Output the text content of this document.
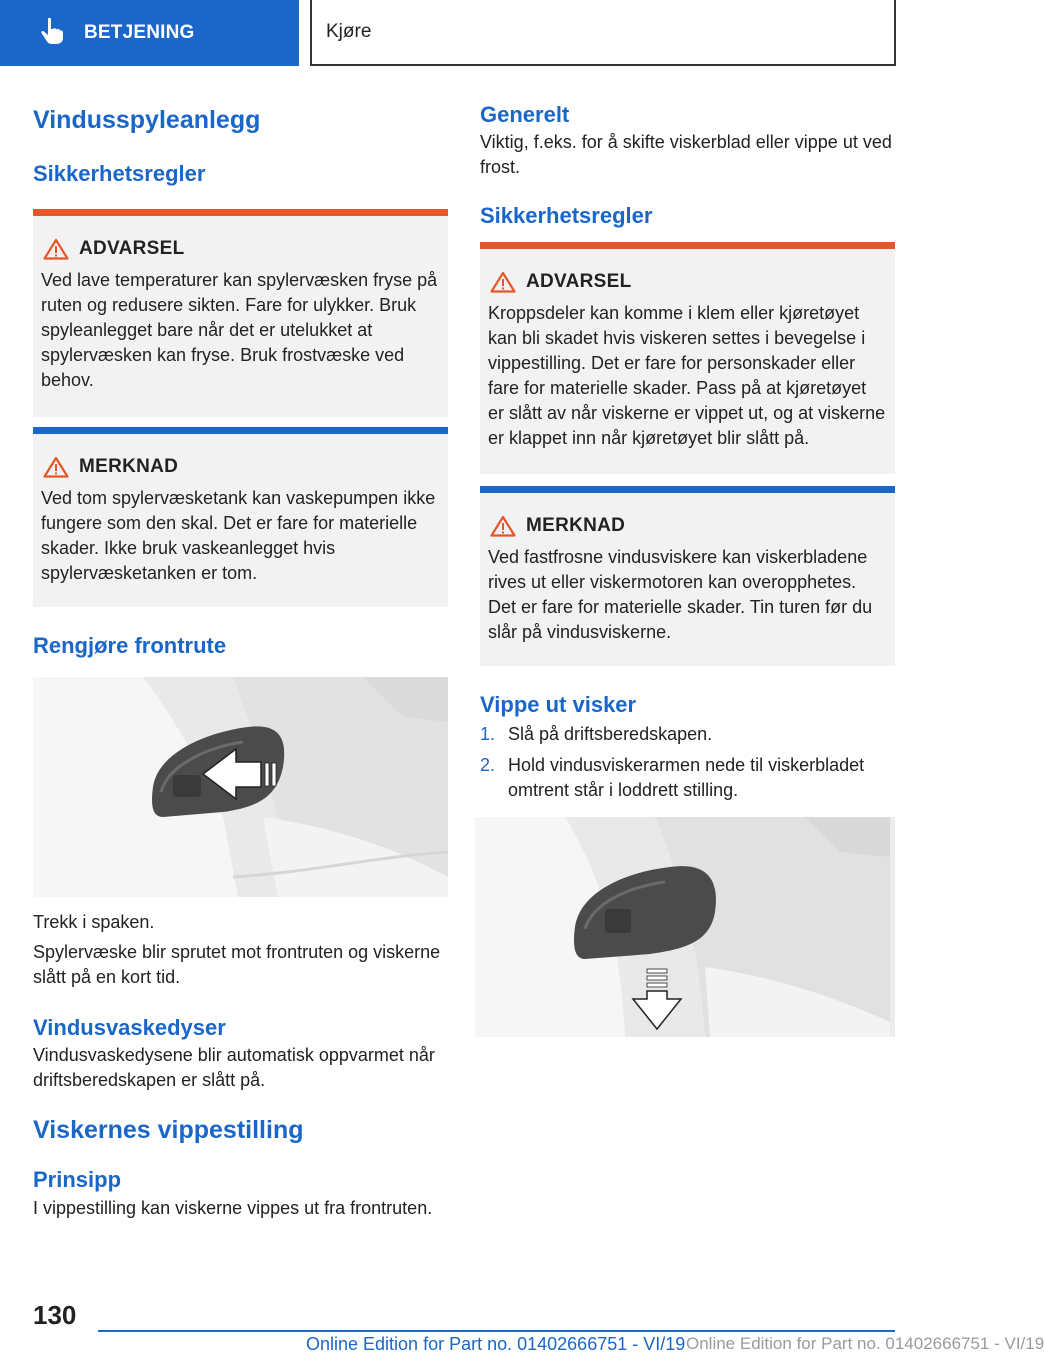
BETJENING	Kjøre
Vindusspyleanlegg
Sikkerhetsregler
ADVARSEL

Ved lave temperaturer kan spylervæsken fryse på ruten og redusere sikten. Fare for ulykker. Bruk spyleanlegget bare når det er utelukket at spylervæsken kan fryse. Bruk frostvæske ved behov.

MERKNAD

Ved tom spylervæsketank kan vaskepumpen ikke fungere som den skal. Det er fare for materielle skader. Ikke bruk vaskeanlegget hvis spylervæsketanken er tom.

Rengjøre frontrute

Trekk i spaken.

Spylervæske blir sprutet mot frontruten og viskerne slått på en kort tid.

Vindusvaskedyser

Vindusvaskedysene blir automatisk oppvarmet når driftsberedskapen er slått på.

Viskernes vippestilling
Prinsipp

I vippestilling kan viskerne vippes ut fra frontruten.

Generelt

Viktig, f.eks. for å skifte viskerblad eller vippe ut ved frost.

Sikkerhetsregler
ADVARSEL

Kroppsdeler kan komme i klem eller kjøretøyet kan bli skadet hvis viskeren settes i bevegelse i vippestilling. Det er fare for personskader eller fare for materielle skader. Pass på at kjøretøyet er slått av når viskerne er vippet ut, og at viskerne er klappet inn når kjøretøyet blir slått på.

MERKNAD

Ved fastfrosne vindusviskere kan viskerbladene rives ut eller viskermotoren kan overopphetes. Det er fare for materielle skader. Tin turen før du slår på vindusviskerne.

Vippe ut visker
1. Slå på driftsberedskapen.
2. Hold vindusviskerarmen nede til viskerbladet omtrent står i loddrett stilling.
130
Online Edition for Part no. 01402666751 - VI/19 Online Edition for Part no. 01402666751 - VI/19
